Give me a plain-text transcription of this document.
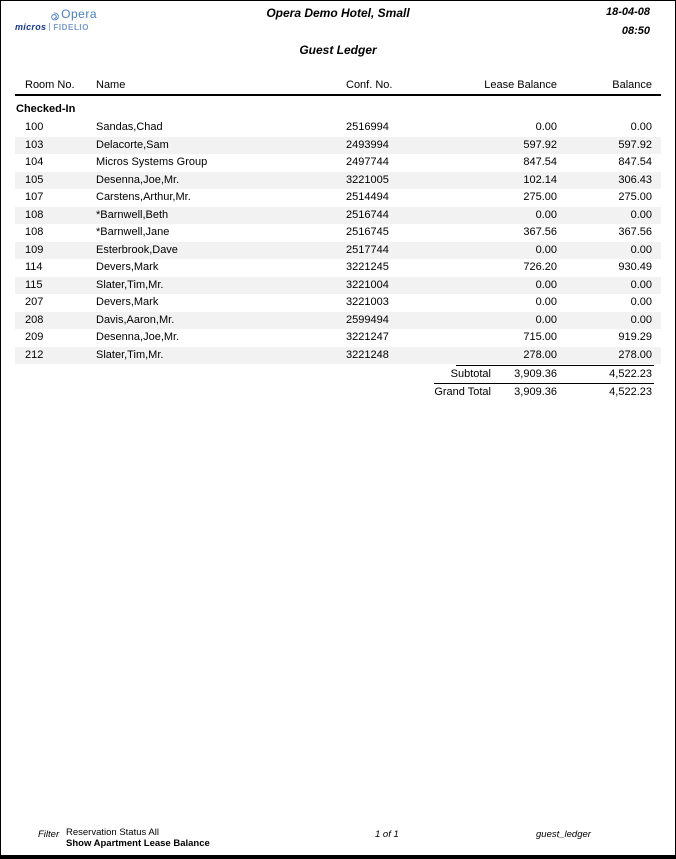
Opera
micros FIDELIO
Opera Demo Hotel, Small	18-04-08
08:50
Guest Ledger
Room No.	Name	Conf. No.	Lease Balance	Balance
Checked-In
100	Sandas,Chad	2516994	0.00	0.00
103	Delacorte,Sam	2493994	597.92	597.92
104	Micros Systems Group	2497744	847.54	847.54
105	Desenna,Joe,Mr.	3221005	102.14	306.43
107	Carstens,Arthur,Mr.	2514494	275.00	275.00
108	*Barnwell,Beth	2516744	0.00	0.00
108	*Barnwell,Jane	2516745	367.56	367.56
109	Esterbrook,Dave	2517744	0.00	0.00
114	Devers,Mark	3221245	726.20	930.49
115	Slater,Tim,Mr.	3221004	0.00	0.00
207	Devers,Mark	3221003	0.00	0.00
208	Davis,Aaron,Mr.	2599494	0.00	0.00
209	Desenna,Joe,Mr.	3221247	715.00	919.29
212	Slater,Tim,Mr.	3221248	278.00	278.00
Subtotal	3,909.36	4,522.23
Grand Total	3,909.36	4,522.23
Filter Reservation Status All
Show Apartment Lease Balance
1 of 1	guest_ledger
